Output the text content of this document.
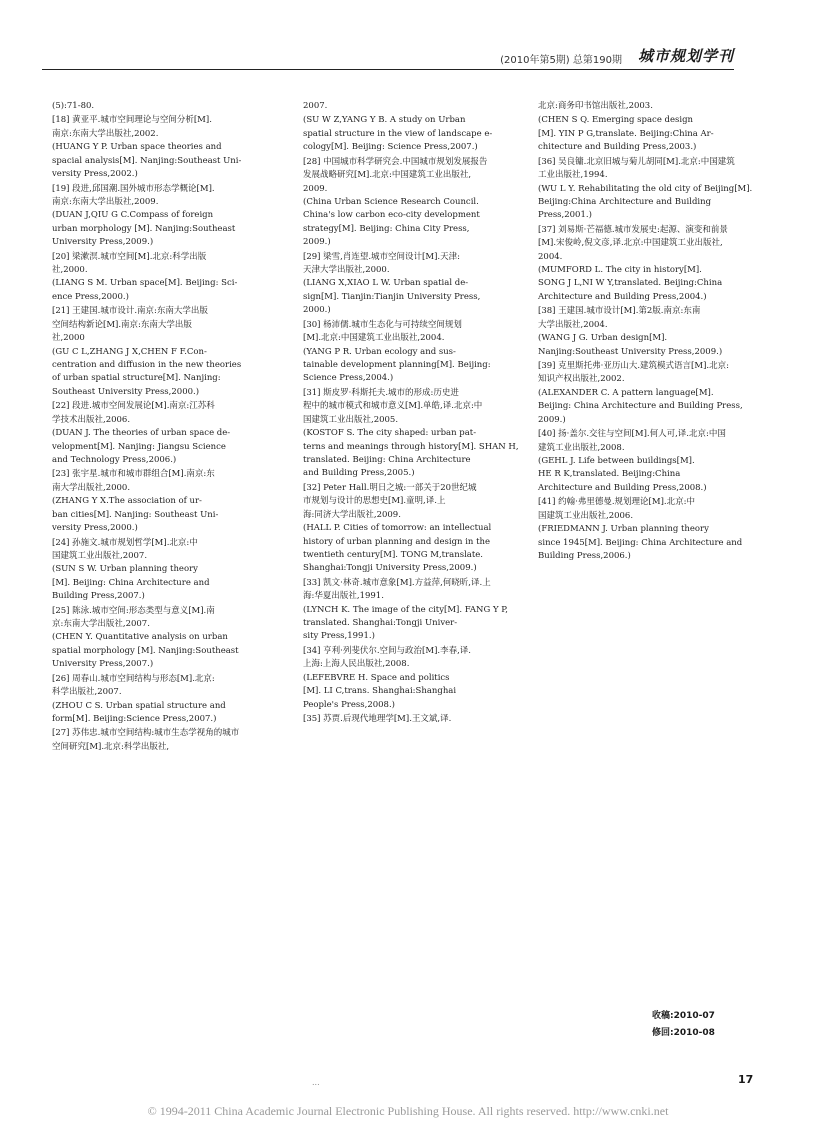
(2010年第5期) 总第190期 城市规划学刊
(5):71-80.
[18] 黄亚平.城市空间理论与空间分析[M].
南京:东南大学出版社,2002.
(HUANG Y P. Urban space theories and
spacial analysis[M]. Nanjing:Southeast Uni-
versity Press,2002.)
[19] 段进,邱国潮.国外城市形态学概论[M].
南京:东南大学出版社,2009.
(DUAN J,QIU G C.Compass of foreign
urban morphology [M]. Nanjing:Southeast
University Press,2009.)
[20] 梁漱溟.城市空间[M].北京:科学出版
社,2000.
(LIANG S M. Urban space[M]. Beijing: Sci-
ence Press,2000.)
[21] 王建国.城市设计.南京:东南大学出版
空间结构新论[M].南京:东南大学出版
社,2000
(GU C L,ZHANG J X,CHEN F F.Con-
centration and diffusion in the new theories
of urban spatial structure[M]. Nanjing:
Southeast University Press,2000.)
[22] 段进.城市空间发展论[M].南京:江苏科
学技术出版社,2006.
(DUAN J. The theories of urban space de-
velopment[M]. Nanjing: Jiangsu Science
and Technology Press,2006.)
[23] 张宇星.城市和城市群组合[M].南京:东
南大学出版社,2000.
(ZHANG Y X.The association of ur-
ban cities[M]. Nanjing: Southeast Uni-
versity Press,2000.)
[24] 孙施文.城市规划哲学[M].北京:中
国建筑工业出版社,2007.
(SUN S W. Urban planning theory
[M]. Beijing: China Architecture and
Building Press,2007.)
[25] 陈泳.城市空间:形态类型与意义[M].南
京:东南大学出版社,2007.
(CHEN Y. Quantitative analysis on urban
spatial morphology [M]. Nanjing:Southeast
University Press,2007.)
[26] 周春山.城市空间结构与形态[M].北京:
科学出版社,2007.
(ZHOU C S. Urban spatial structure and
form[M]. Beijing:Science Press,2007.)
[27] 苏伟忠.城市空间结构:城市生态学视角的城市
空间研究[M].北京:科学出版社,
2007.
(SU W Z,YANG Y B. A study on Urban
spatial structure in the view of landscape e-
cology[M]. Beijing: Science Press,2007.)
[28] 中国城市科学研究会.中国城市规划发展报告
发展战略研究[M].北京:中国建筑工业出版社,
2009.
(China Urban Science Research Council.
China's low carbon eco-city development
strategy[M]. Beijing: China City Press,
2009.)
[29] 梁雪,肖连望.城市空间设计[M].天津:
天津大学出版社,2000.
(LIANG X,XIAO L W. Urban spatial de-
sign[M]. Tianjin:Tianjin University Press,
2000.)
[30] 杨沛儒.城市生态化与可持续空间规划
[M].北京:中国建筑工业出版社,2004.
(YANG P R. Urban ecology and sus-
tainable development planning[M]. Beijing:
Science Press,2004.)
[31] 斯皮罗·科斯托夫.城市的形成:历史进
程中的城市模式和城市意义[M].单皓,译.北京:中
国建筑工业出版社,2005.
(KOSTOF S. The city shaped: urban pat-
terns and meanings through history[M]. SHAN H,
translated. Beijing: China Architecture
and Building Press,2005.)
[32] Peter Hall.明日之城:一部关于20世纪城
市规划与设计的思想史[M].童明,译.上
海:同济大学出版社,2009.
(HALL P. Cities of tomorrow: an intellectual
history of urban planning and design in the
twentieth century[M]. TONG M,translate.
Shanghai:Tongji University Press,2009.)
[33] 凯文·林奇.城市意象[M].方益萍,何晓昕,译.上
海:华夏出版社,1991.
(LYNCH K. The image of the city[M]. FANG Y P,
translated. Shanghai:Tongji Univer-
sity Press,1991.)
[34] 亨利·列斐伏尔.空间与政治[M].李春,译.
上海:上海人民出版社,2008.
(LEFEBVRE H. Space and politics
[M]. LI C,trans. Shanghai:Shanghai
People's Press,2008.)
[35] 苏贾.后现代地理学[M].王文斌,译.
北京:商务印书馆出版社,2003.
(CHEN S Q. Emerging space design
[M]. YIN P G,translate. Beijing:China Ar-
chitecture and Building Press,2003.)
[36] 吴良镛.北京旧城与菊儿胡同[M].北京:中国建筑
工业出版社,1994.
(WU L Y. Rehabilitating the old city of Beijing[M].
Beijing:China Architecture and Building
Press,2001.)
[37] 刘易斯·芒福德.城市发展史:起源、演变和前景
[M].宋俊岭,倪文彦,译.北京:中国建筑工业出版社,
2004.
(MUMFORD L. The city in history[M].
SONG J L,NI W Y,translated. Beijing:China
Architecture and Building Press,2004.)
[38] 王建国.城市设计[M].第2版.南京:东南
大学出版社,2004.
(WANG J G. Urban design[M].
Nanjing:Southeast University Press,2009.)
[39] 克里斯托弗·亚历山大.建筑模式语言[M].北京:
知识产权出版社,2002.
(ALEXANDER C. A pattern language[M].
Beijing: China Architecture and Building Press,
2009.)
[40] 扬·盖尔.交往与空间[M].何人可,译.北京:中国
建筑工业出版社,2008.
(GEHL J. Life between buildings[M].
HE R K,translated. Beijing:China
Architecture and Building Press,2008.)
[41] 约翰·弗里德曼.规划理论[M].北京:中
国建筑工业出版社,2006.
(FRIEDMANN J. Urban planning theory
since 1945[M]. Beijing: China Architecture and
Building Press,2006.)
收稿:2010-07
修回:2010-08
...	17
© 1994-2011 China Academic Journal Electronic Publishing House. All rights reserved. http://www.cnki.net
